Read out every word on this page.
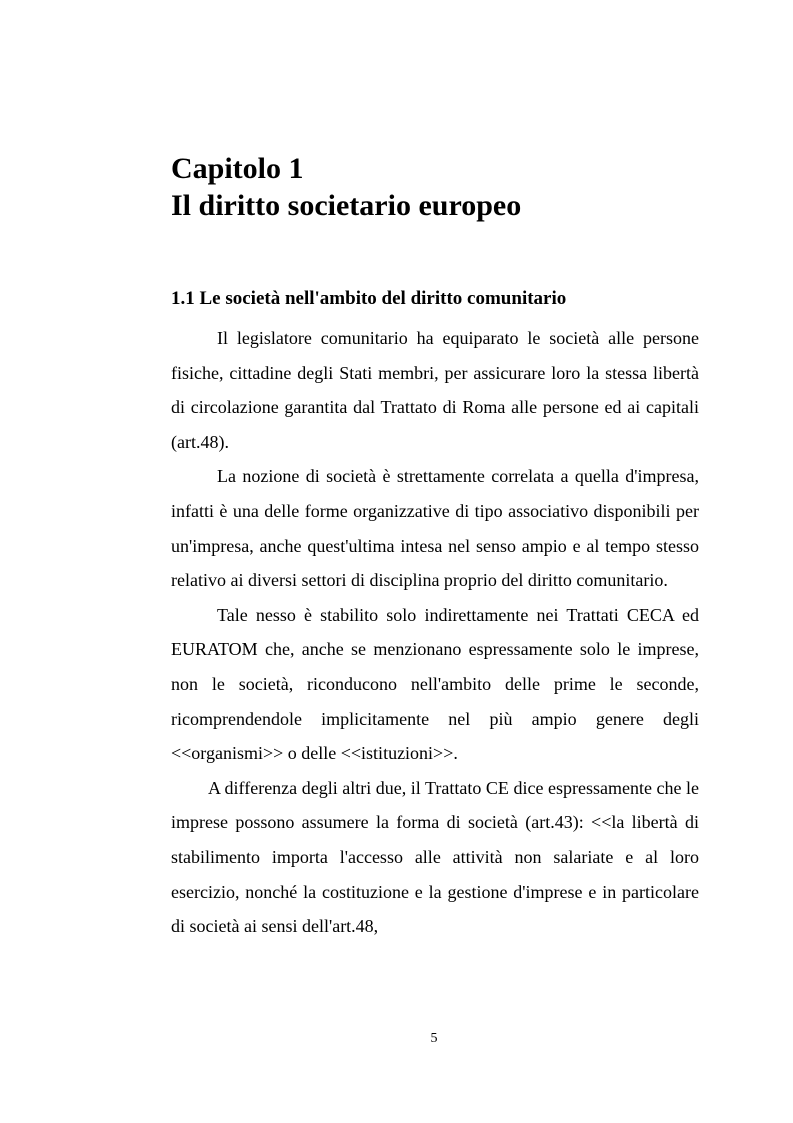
Capitolo 1
Il diritto societario europeo
1.1 Le società nell'ambito del diritto comunitario

Il legislatore comunitario ha equiparato le società alle persone fisiche, cittadine degli Stati membri, per assicurare loro la stessa libertà di circolazione garantita dal Trattato di Roma alle persone ed ai capitali (art.48).

La nozione di società è strettamente correlata a quella d'impresa, infatti è una delle forme organizzative di tipo associativo disponibili per un'impresa, anche quest'ultima intesa nel senso ampio e al tempo stesso relativo ai diversi settori di disciplina proprio del diritto comunitario.

Tale nesso è stabilito solo indirettamente nei Trattati CECA ed EURATOM che, anche se menzionano espressamente solo le imprese, non le società, riconducono nell'ambito delle prime le seconde, ricomprendendole implicitamente nel più ampio genere degli <<organismi>> o delle <<istituzioni>>.

A differenza degli altri due, il Trattato CE dice espressamente che le imprese possono assumere la forma di società (art.43): <<la libertà di stabilimento importa l'accesso alle attività non salariate e al loro esercizio, nonché la costituzione e la gestione d'imprese e in particolare di società ai sensi dell'art.48,

5
